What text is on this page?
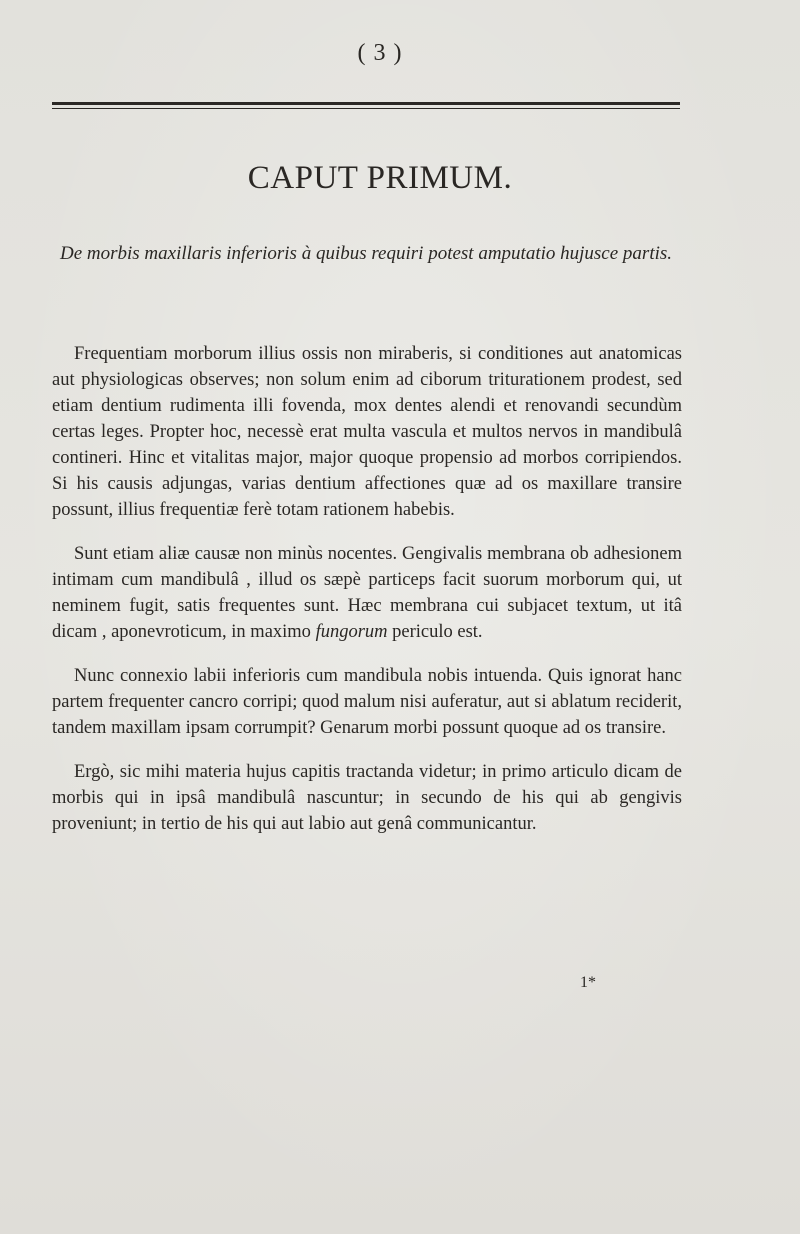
( 3 )
CAPUT PRIMUM.
De morbis maxillaris inferioris à quibus requiri potest amputatio hujusce partis.

Frequentiam morborum illius ossis non miraberis, si conditiones aut anatomicas aut physiologicas observes; non solum enim ad ciborum triturationem prodest, sed etiam dentium rudimenta illi fovenda, mox dentes alendi et renovandi secundùm certas leges. Propter hoc, necessè erat multa vascula et multos nervos in mandibulâ contineri. Hinc et vitalitas major, major quoque propensio ad morbos corripiendos. Si his causis adjungas, varias dentium affectiones quæ ad os maxillare transire possunt, illius frequentiæ ferè totam rationem habebis.

Sunt etiam aliæ causæ non minùs nocentes. Gengivalis membrana ob adhesionem intimam cum mandibulâ , illud os sæpè particeps facit suorum morborum qui, ut neminem fugit, satis frequentes sunt. Hæc membrana cui subjacet textum, ut itâ dicam , aponevroticum, in maximo fungorum periculo est.

Nunc connexio labii inferioris cum mandibula nobis intuenda. Quis ignorat hanc partem frequenter cancro corripi; quod malum nisi auferatur, aut si ablatum reciderit, tandem maxillam ipsam corrumpit? Genarum morbi possunt quoque ad os transire.

Ergò, sic mihi materia hujus capitis tractanda videtur; in primo articulo dicam de morbis qui in ipsâ mandibulâ nascuntur; in secundo de his qui ab gengivis proveniunt; in tertio de his qui aut labio aut genâ communicantur.

1*
